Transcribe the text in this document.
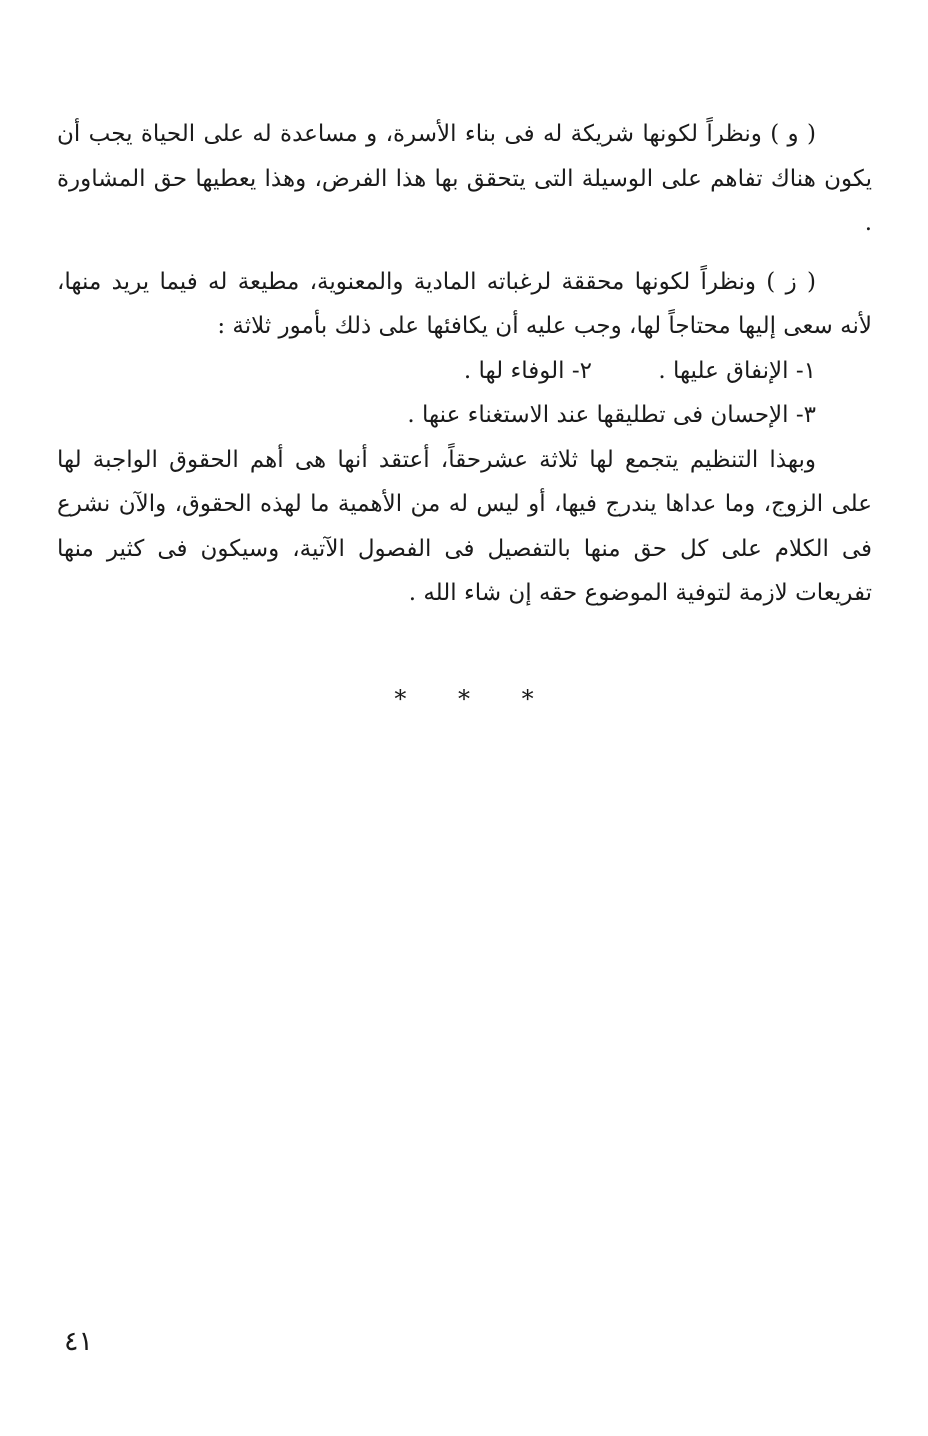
( و ) ونظراً لكونها شريكة له فى بناء الأسرة، و مساعدة له على الحياة يجب أن يكون هناك تفاهم على الوسيلة التى يتحقق بها هذا الفرض، وهذا يعطيها حق المشاورة .

( ز ) ونظراً لكونها محققة لرغباته المادية والمعنوية، مطيعة له فيما يريد منها، لأنه سعى إليها محتاجاً لها، وجب عليه أن يكافئها على ذلك بأمور ثلاثة :

١- الإنفاق عليها .
٢- الوفاء لها .

٣- الإحسان فى تطليقها عند الاستغناء عنها .

وبهذا التنظيم يتجمع لها ثلاثة عشرحقاً، أعتقد أنها هى أهم الحقوق الواجبة لها على الزوج، وما عداها يندرج فيها، أو ليس له من الأهمية ما لهذه الحقوق، والآن نشرع فى الكلام على كل حق منها بالتفصيل فى الفصول الآتية، وسيكون فى كثير منها تفريعات لازمة لتوفية الموضوع حقه إن شاء الله .

* * *
٤١
